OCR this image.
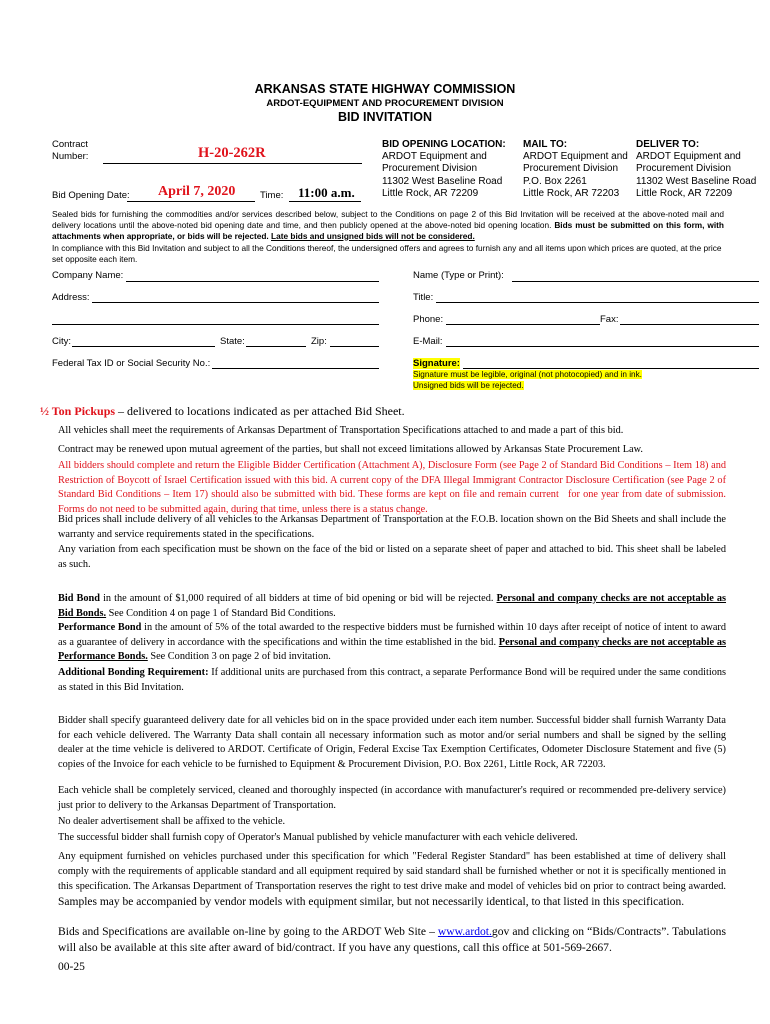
ARKANSAS STATE HIGHWAY COMMISSION
ARDOT-EQUIPMENT AND PROCUREMENT DIVISION
BID INVITATION
Contract
Number:	H-20-262R
Bid Opening Date: April 7, 2020	Time: 11:00 a.m.
BID OPENING LOCATION:
ARDOT Equipment and
Procurement Division
11302 West Baseline Road
Little Rock, AR 72209
MAIL TO:
ARDOT Equipment and
Procurement Division
P.O. Box 2261
Little Rock, AR 72203
DELIVER TO:
ARDOT Equipment and
Procurement Division
11302 West Baseline Road
Little Rock, AR 72209
Sealed bids for furnishing the commodities and/or services described below, subject to the Conditions on page 2 of this Bid Invitation will be received at the above-noted mail and delivery locations until the above-noted bid opening date and time, and then publicly opened at the above-noted bid opening location. Bids must be submitted on this form, with attachments when appropriate, or bids will be rejected. Late bids and unsigned bids will not be considered.
In compliance with this Bid Invitation and subject to all the Conditions thereof, the undersigned offers and agrees to furnish any and all items upon which prices are quoted, at the price set opposite each item.
Company Name:
Address:
City:	State:	Zip:
Federal Tax ID or Social Security No.:
Name (Type or Print):
Title:
Phone:	Fax:
E-Mail:
Signature:
Signature must be legible, original (not photocopied) and in ink.
Unsigned bids will be rejected.
½ Ton Pickups – delivered to locations indicated as per attached Bid Sheet.
All vehicles shall meet the requirements of Arkansas Department of Transportation Specifications attached to and made a part of this bid.
Contract may be renewed upon mutual agreement of the parties, but shall not exceed limitations allowed by Arkansas State Procurement Law.
All bidders should complete and return the Eligible Bidder Certification (Attachment A), Disclosure Form (see Page 2 of Standard Bid Conditions – Item 18) and Restriction of Boycott of Israel Certification issued with this bid. A current copy of the DFA Illegal Immigrant Contractor Disclosure Certification (see Page 2 of Standard Bid Conditions – Item 17) should also be submitted with bid. These forms are kept on file and remain current for one year from date of submission. Forms do not need to be submitted again, during that time, unless there is a status change.
Bid prices shall include delivery of all vehicles to the Arkansas Department of Transportation at the F.O.B. location shown on the Bid Sheets and shall include the warranty and service requirements stated in the specifications.
Any variation from each specification must be shown on the face of the bid or listed on a separate sheet of paper and attached to bid. This sheet shall be labeled as such.
Bid Bond in the amount of $1,000 required of all bidders at time of bid opening or bid will be rejected. Personal and company checks are not acceptable as Bid Bonds. See Condition 4 on page 1 of Standard Bid Conditions.
Performance Bond in the amount of 5% of the total awarded to the respective bidders must be furnished within 10 days after receipt of notice of intent to award as a guarantee of delivery in accordance with the specifications and within the time established in the bid. Personal and company checks are not acceptable as Performance Bonds. See Condition 3 on page 2 of bid invitation.
Additional Bonding Requirement: If additional units are purchased from this contract, a separate Performance Bond will be required under the same conditions as stated in this Bid Invitation.
Bidder shall specify guaranteed delivery date for all vehicles bid on in the space provided under each item number. Successful bidder shall furnish Warranty Data for each vehicle delivered. The Warranty Data shall contain all necessary information such as motor and/or serial numbers and shall be signed by the selling dealer at the time vehicle is delivered to ARDOT. Certificate of Origin, Federal Excise Tax Exemption Certificates, Odometer Disclosure Statement and five (5) copies of the Invoice for each vehicle to be furnished to Equipment & Procurement Division, P.O. Box 2261, Little Rock, AR 72203.
Each vehicle shall be completely serviced, cleaned and thoroughly inspected (in accordance with manufacturer's required or recommended pre-delivery service) just prior to delivery to the Arkansas Department of Transportation.
No dealer advertisement shall be affixed to the vehicle.
The successful bidder shall furnish copy of Operator's Manual published by vehicle manufacturer with each vehicle delivered.
Any equipment furnished on vehicles purchased under this specification for which "Federal Register Standard" has been established at time of delivery shall comply with the requirements of applicable standard and all equipment required by said standard shall be furnished whether or not it is specifically mentioned in this specification. The Arkansas Department of Transportation reserves the right to test drive make and model of vehicles bid on prior to contract being awarded. Samples may be accompanied by vendor models with equipment similar, but not necessarily identical, to that listed in this specification.
Bids and Specifications are available on-line by going to the ARDOT Web Site – www.ardot.gov and clicking on “Bids/Contracts”. Tabulations will also be available at this site after award of bid/contract. If you have any questions, call this office at 501-569-2667.
00-25
